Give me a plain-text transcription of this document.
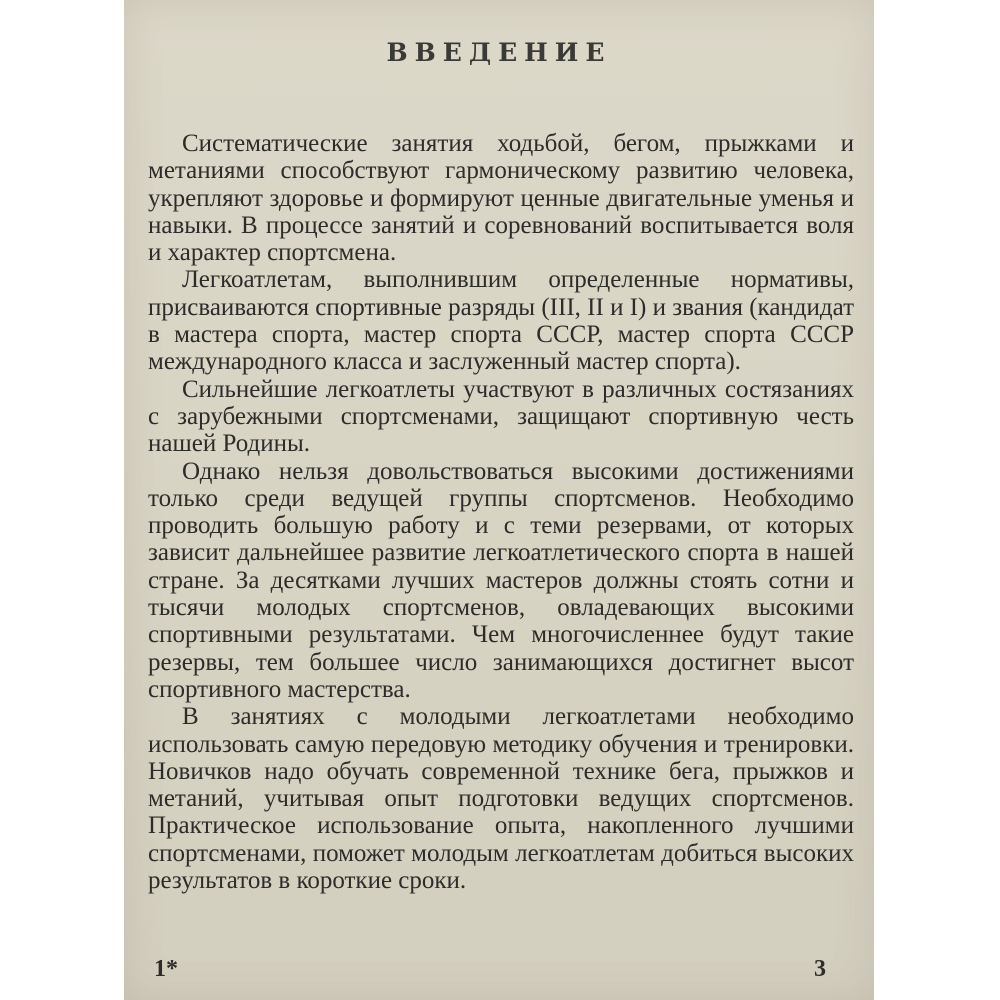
ВВЕДЕНИЕ

Систематические занятия ходьбой, бегом, прыжками и метаниями способствуют гармоническому развитию человека, укрепляют здоровье и формируют ценные двигательные уменья и навыки. В процессе занятий и соревнований воспитывается воля и характер спортсмена.

Легкоатлетам, выполнившим определенные нормативы, присваиваются спортивные разряды (III, II и I) и звания (кандидат в мастера спорта, мастер спорта СССР, мастер спорта СССР международного класса и заслуженный мастер спорта).

Сильнейшие легкоатлеты участвуют в различных состязаниях с зарубежными спортсменами, защищают спортивную честь нашей Родины.

Однако нельзя довольствоваться высокими достижениями только среди ведущей группы спортсменов. Необходимо проводить большую работу и с теми резервами, от которых зависит дальнейшее развитие легкоатлетического спорта в нашей стране. За десятками лучших мастеров должны стоять сотни и тысячи молодых спортсменов, овладевающих высокими спортивными результатами. Чем многочисленнее будут такие резервы, тем большее число занимающихся достигнет высот спортивного мастерства.

В занятиях с молодыми легкоатлетами необходимо использовать самую передовую методику обучения и тренировки. Новичков надо обучать современной технике бега, прыжков и метаний, учитывая опыт подготовки ведущих спортсменов. Практическое использование опыта, накопленного лучшими спортсменами, поможет молодым легкоатлетам добиться высоких результатов в короткие сроки.

1*	3
